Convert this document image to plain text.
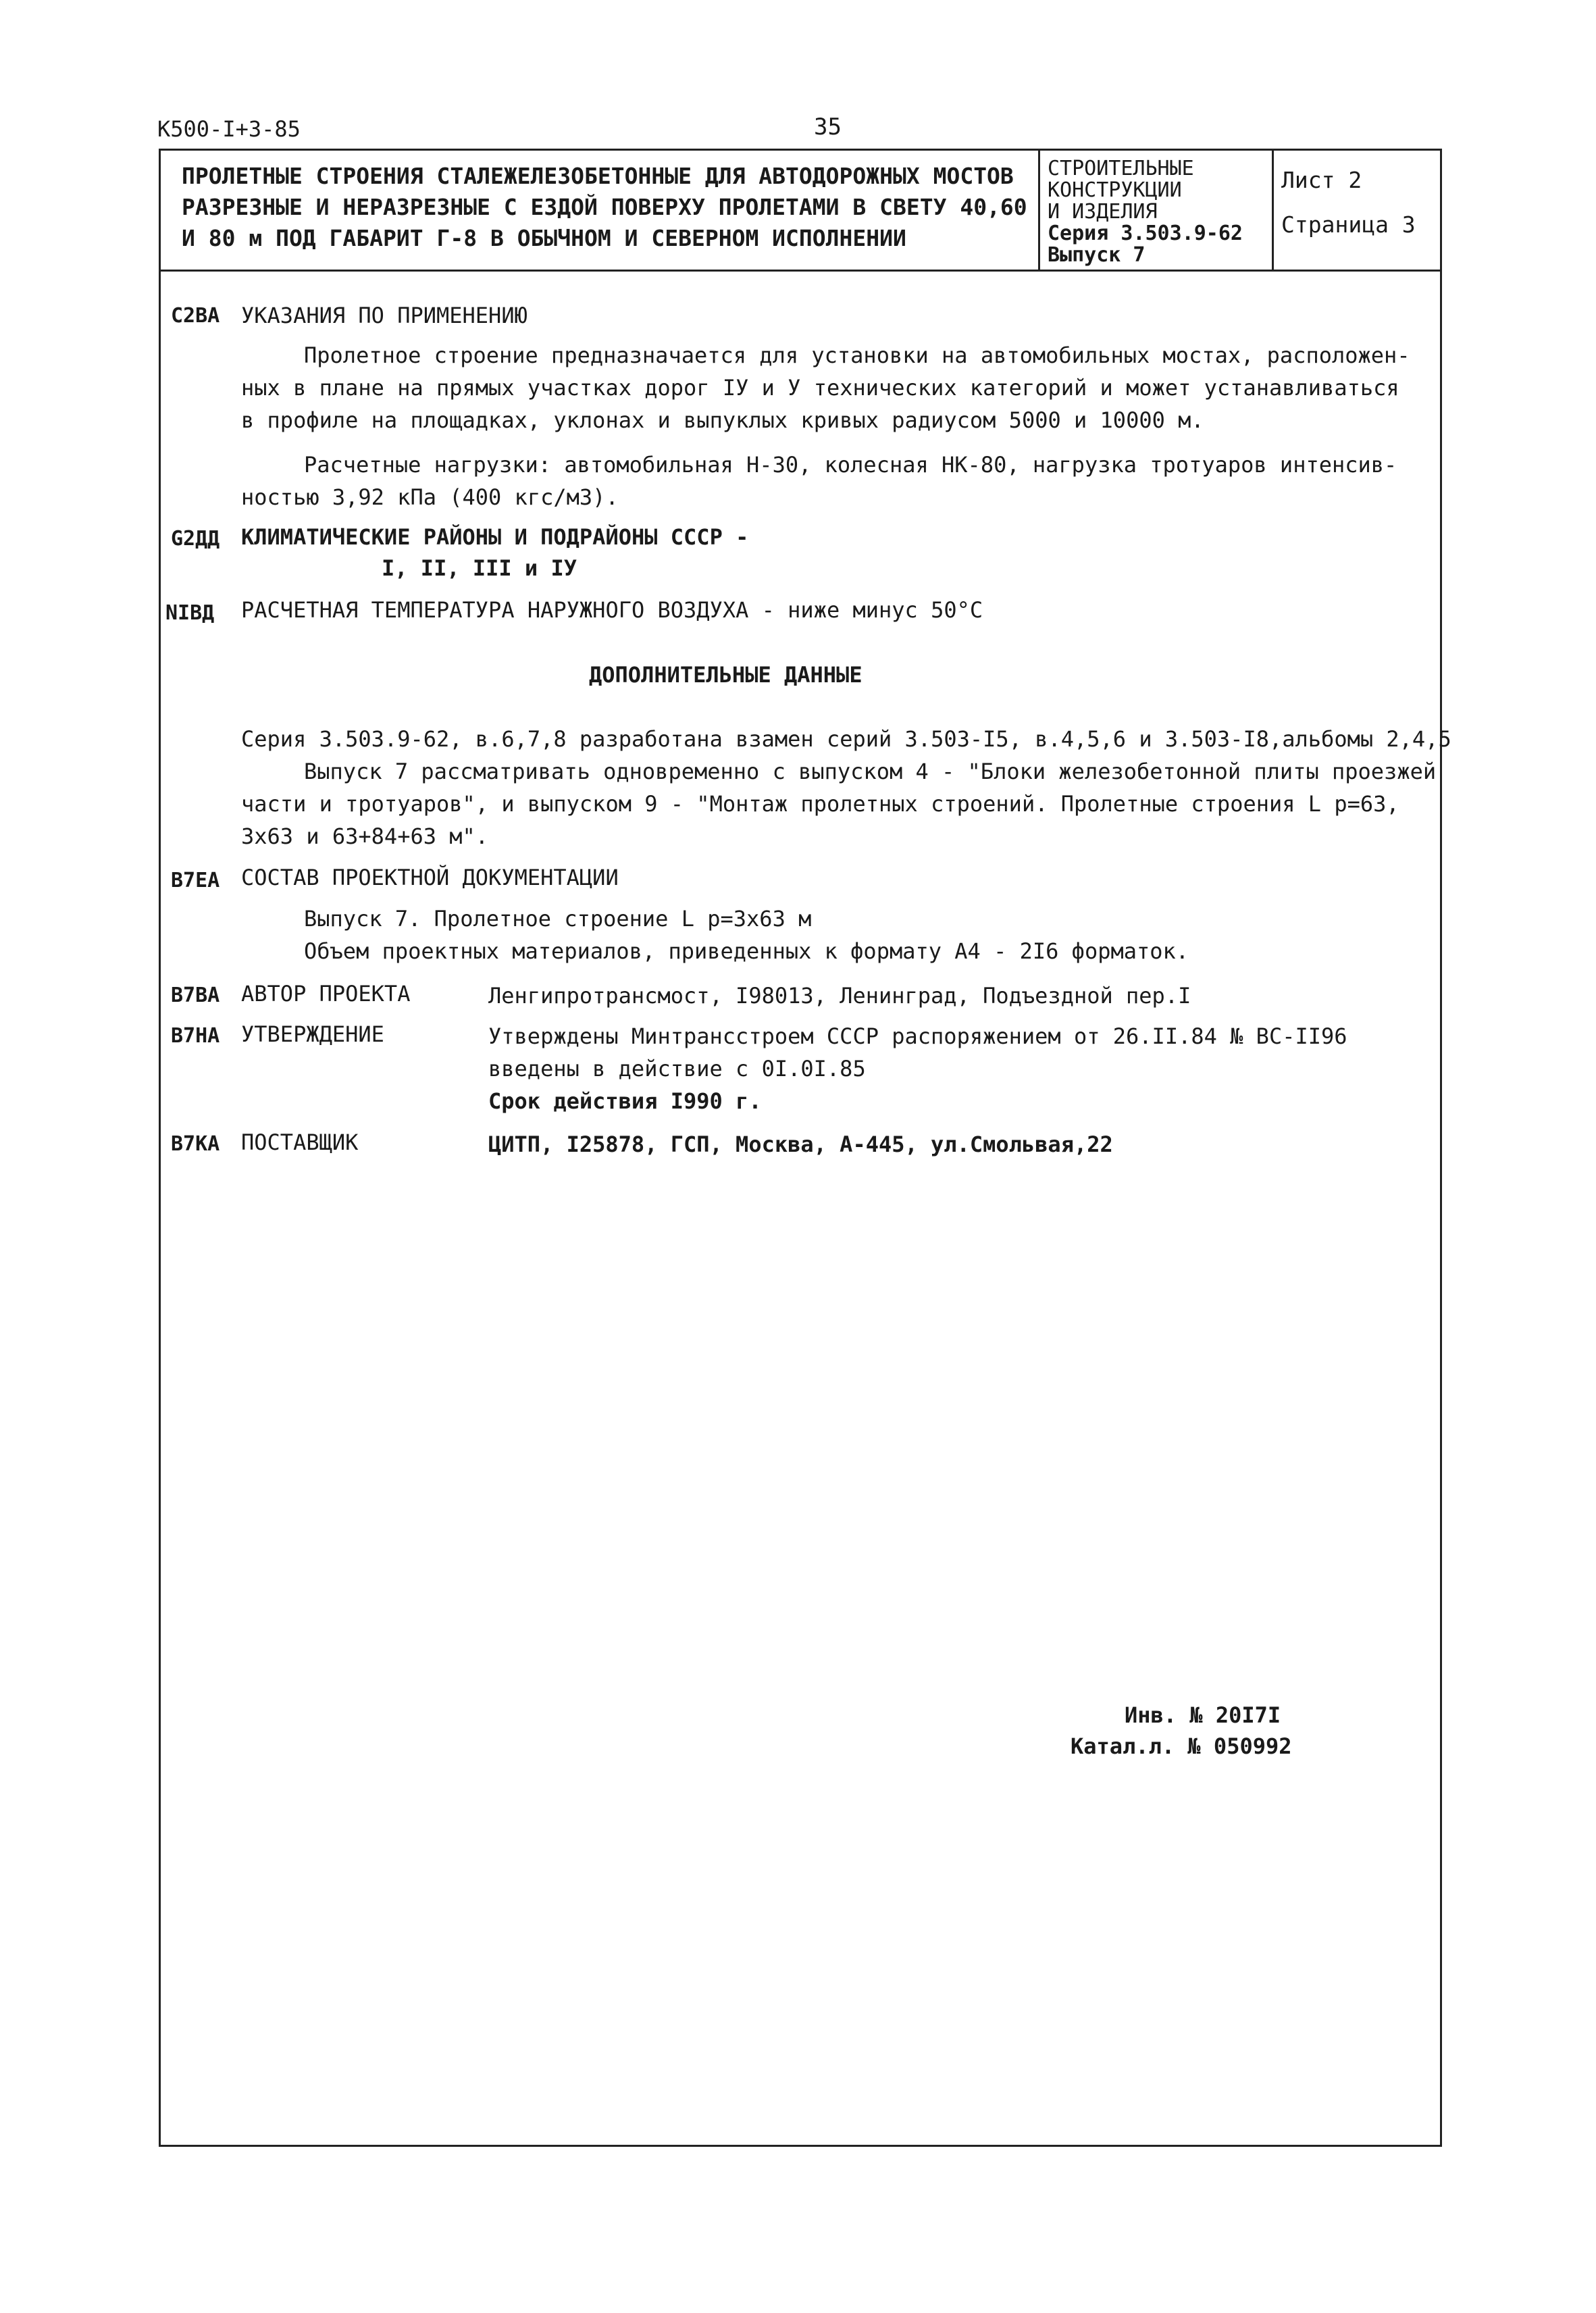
К500-I+3-85	35
ПРОЛЕТНЫЕ СТРОЕНИЯ СТАЛЕЖЕЛЕЗОБЕТОННЫЕ ДЛЯ АВТОДОРОЖНЫХ МОСТОВ
РАЗРЕЗНЫЕ И НЕРАЗРЕЗНЫЕ С ЕЗДОЙ ПОВЕРХУ ПРОЛЕТАМИ В СВЕТУ 40,60
И 80 м ПОД ГАБАРИТ Г-8 В ОБЫЧНОМ И СЕВЕРНОМ ИСПОЛНЕНИИ
СТРОИТЕЛЬНЫЕ
КОНСТРУКЦИИ
И ИЗДЕЛИЯ
Серия 3.503.9-62
Выпуск 7
Лист 2
Страница 3
С2ВА УКАЗАНИЯ ПО ПРИМЕНЕНИЮ
Пролетное строение предназначается для установки на автомобильных мостах, расположен-
ных в плане на прямых участках дорог IУ и У технических категорий и может устанавливаться
в профиле на площадках, уклонах и выпуклых кривых радиусом 5000 и 10000 м.
Расчетные нагрузки: автомобильная Н-30, колесная НК-80, нагрузка тротуаров интенсив-
ностью 3,92 кПа (400 кгс/м3).
G2ДД КЛИМАТИЧЕСКИЕ РАЙОНЫ И ПОДРАЙОНЫ СССР -
I, II, III и IУ
NIВД РАСЧЕТНАЯ ТЕМПЕРАТУРА НАРУЖНОГО ВОЗДУХА - ниже минус 50°С
ДОПОЛНИТЕЛЬНЫЕ ДАННЫЕ
Серия 3.503.9-62, в.6,7,8 разработана взамен серий 3.503-I5, в.4,5,6 и 3.503-I8,альбомы 2,4,5
Выпуск 7 рассматривать одновременно с выпуском 4 - "Блоки железобетонной плиты проезжей
части и тротуаров", и выпуском 9 - "Монтаж пролетных строений. Пролетные строения L р=63,
3х63 и 63+84+63 м".
В7ЕА СОСТАВ ПРОЕКТНОЙ ДОКУМЕНТАЦИИ
Выпуск 7. Пролетное строение L р=3х63 м
Объем проектных материалов, приведенных к формату А4 - 2I6 форматок.
В7ВА АВТОР ПРОЕКТА	Ленгипротрансмост, I98013, Ленинград, Подъездной пер.I
В7НА УТВЕРЖДЕНИЕ	Утверждены Минтрансстроем СССР распоряжением от 26.II.84 № ВС-II96
введены в действие с 0I.0I.85
Срок действия I990 г.
В7КА ПОСТАВЩИК	ЦИТП, I25878, ГСП, Москва, А-445, ул.Смольвая,22
Инв. № 20I7I
Катал.л. № 050992
